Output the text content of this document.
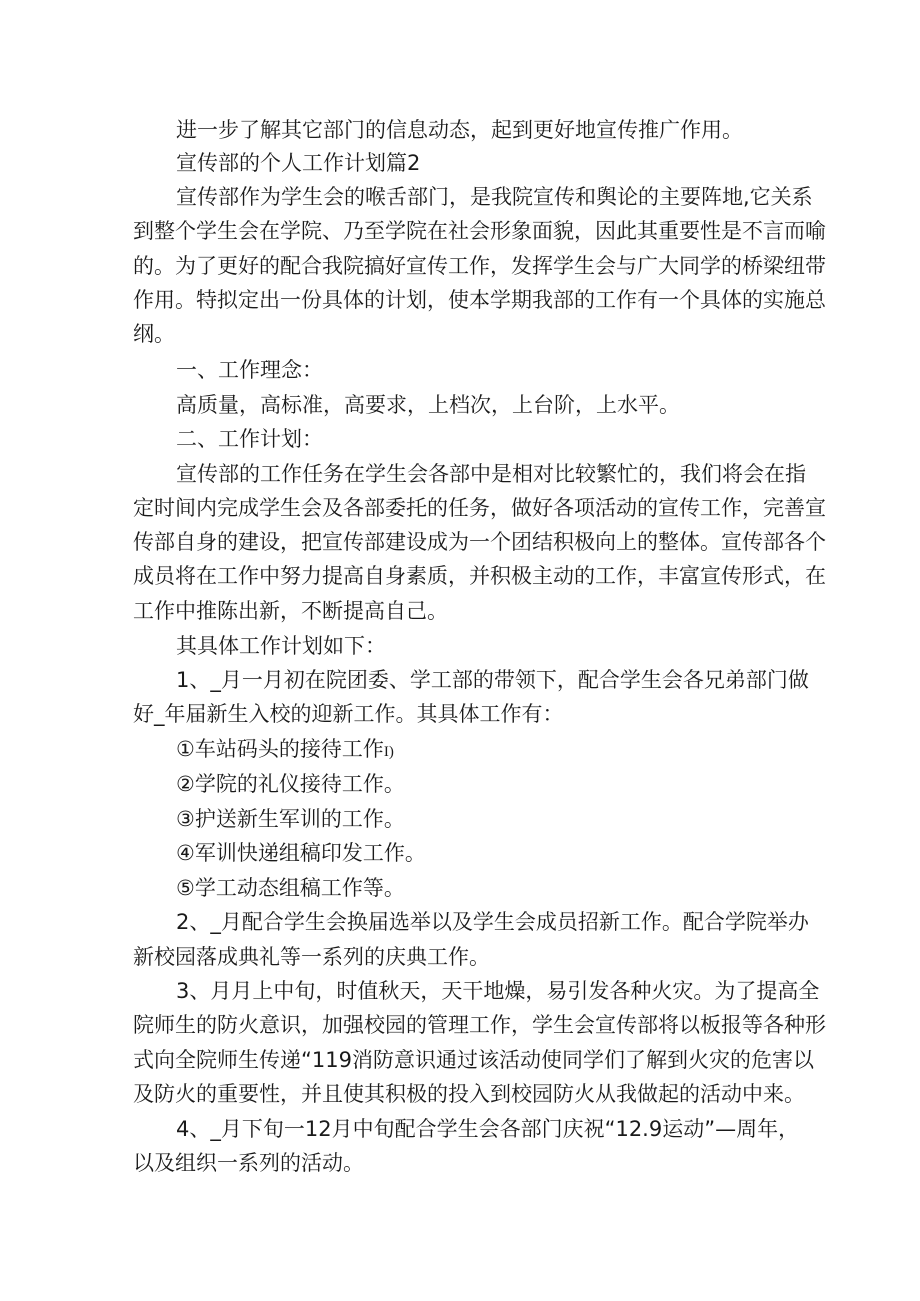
进一步了解其它部门的信息动态，起到更好地宣传推广作用。
宣传部的个人工作计划篇2
宣传部作为学生会的喉舌部门，是我院宣传和舆论的主要阵地,它关系
到整个学生会在学院、乃至学院在社会形象面貌，因此其重要性是不言而喻
的。为了更好的配合我院搞好宣传工作，发挥学生会与广大同学的桥梁纽带
作用。特拟定出一份具体的计划，使本学期我部的工作有一个具体的实施总
纲。
一、工作理念：
高质量，高标准，高要求，上档次，上台阶，上水平。
二、工作计划：
宣传部的工作任务在学生会各部中是相对比较繁忙的，我们将会在指
定时间内完成学生会及各部委托的任务，做好各项活动的宣传工作，完善宣
传部自身的建设，把宣传部建设成为一个团结积极向上的整体。宣传部各个
成员将在工作中努力提高自身素质，并积极主动的工作，丰富宣传形式，在
工作中推陈出新，不断提高自己。
其具体工作计划如下：
1、_月一月初在院团委、学工部的带领下，配合学生会各兄弟部门做
好_年届新生入校的迎新工作。其具体工作有：
①车站码头的接待工作I)
②学院的礼仪接待工作。
③护送新生军训的工作。
④军训快递组稿印发工作。
⑤学工动态组稿工作等。
2、_月配合学生会换届选举以及学生会成员招新工作。配合学院举办
新校园落成典礼等一系列的庆典工作。
3、月月上中旬，时值秋天，天干地燥，易引发各种火灾。为了提高全
院师生的防火意识，加强校园的管理工作，学生会宣传部将以板报等各种形
式向全院师生传递“119消防意识通过该活动使同学们了解到火灾的危害以
及防火的重要性，并且使其积极的投入到校园防火从我做起的活动中来。
4、_月下旬一12月中旬配合学生会各部门庆祝“12.9运动”—周年，
以及组织一系列的活动。
